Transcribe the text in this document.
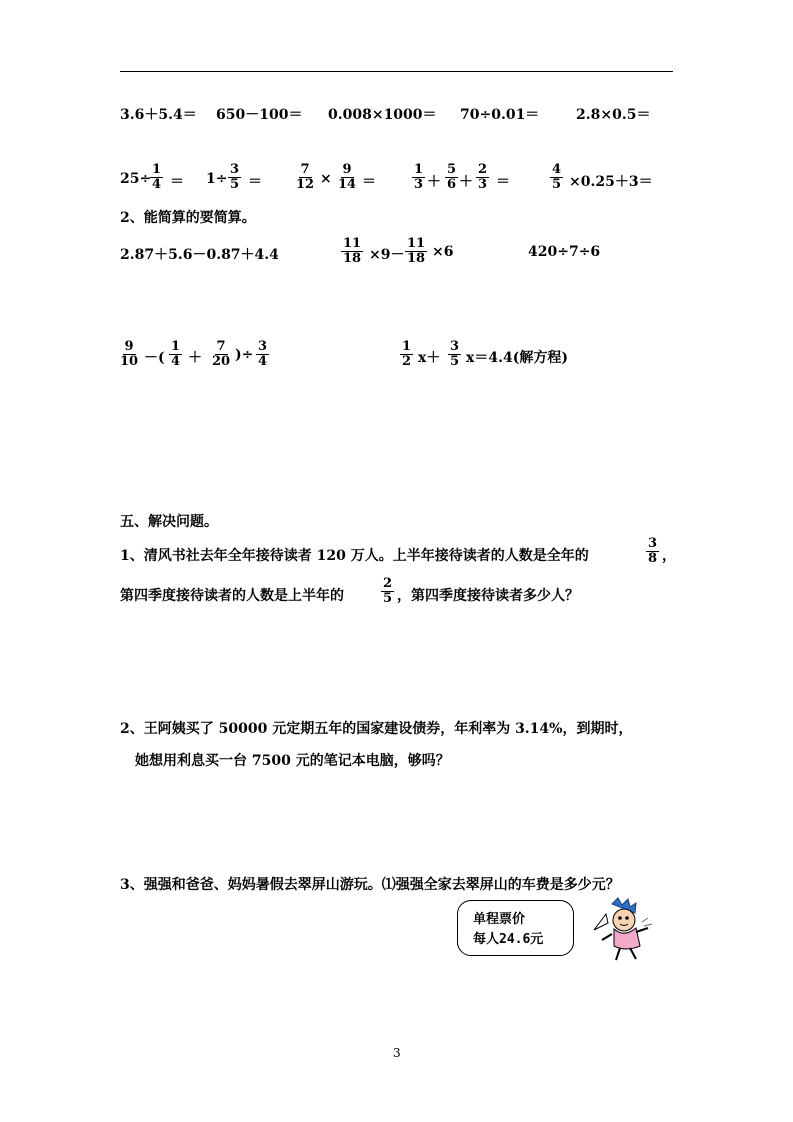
3.6＋5.4＝ 650－100＝ 0.008×1000＝ 70÷0.01＝	2.8×0.5＝
25÷
$\frac{1}{4} = 1\div \frac{3}{5} = \frac{7}{12} \times \frac{9}{14}$ ＝	$\frac{1}{3} + \frac{5}{6} + \frac{2}{3}$ ＝	$\frac{4}{5} \times 0.25+3=$
2、能简算的要简算。
2.87＋5.6－0.87＋4.4	$\frac{11}{18} \times 9- \frac{11}{18} \times 6$	420÷7÷6
$\frac{9}{10}$ －( $\frac{1}{4} + \frac{7}{20}$ )÷ $\frac{3}{4}$	$\frac{1}{2} x+ \frac{3}{5} x=4.4$(解方程)
五、解决问题。
1、清风书社去年全年接待读者 120 万人。上半年接待读者的人数是全年的	$\frac{3}{8}$ ，
第四季度接待读者的人数是上半年的	$\frac{2}{5}$ ，第四季度接待读者多少人？
2、王阿姨买了 50000 元定期五年的国家建设债券，年利率为 3.14%，到期时，
她想用利息买一台 7500 元的笔记本电脑，够吗？
3、强强和爸爸、妈妈暑假去翠屏山游玩。⑴强强全家去翠屏山的车费是多少元？
单程票价
每人24.6元
3
